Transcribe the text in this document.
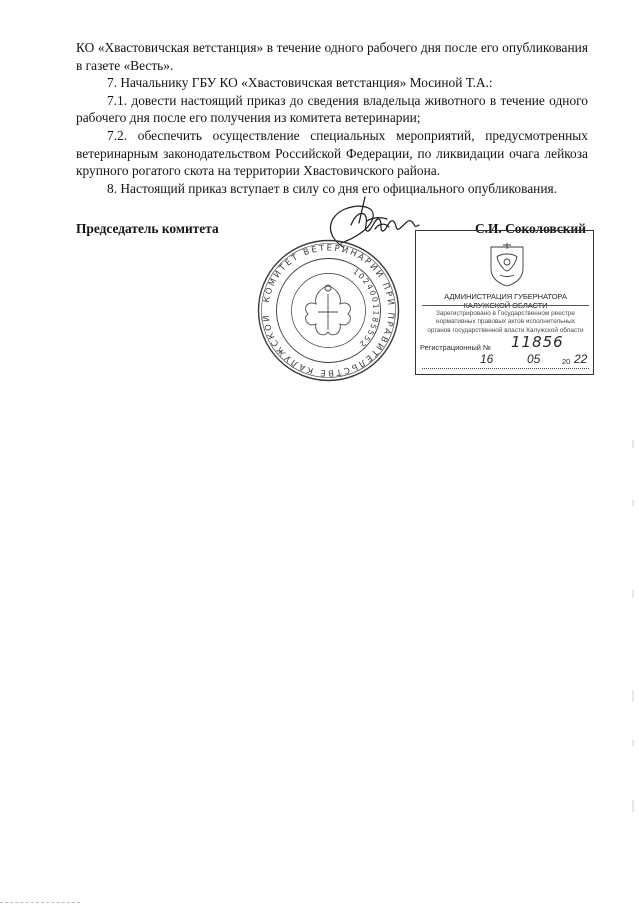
КО «Хвастовичская ветстанция» в течение одного рабочего дня после его опубликования в газете «Весть».

7. Начальнику ГБУ КО «Хвастовичская ветстанция» Мосиной Т.А.:

7.1. довести настоящий приказ до сведения владельца животного в течение одного рабочего дня после его получения из комитета ветеринарии;

7.2. обеспечить осуществление специальных мероприятий, предусмотренных ветеринарным законодательством Российской Федерации, по ликвидации очага лейкоза крупного рогатого скота на территории Хвастовичского района.

8. Настоящий приказ вступает в силу со дня его официального опубликования.

Председатель комитета	С.И. Соколовский
КОМИТЕТ ВЕТЕРИНАРИИ ПРИ ПРАВИТЕЛЬСТВЕ КАЛУЖСКОЙ
1024001185552
АДМИНИСТРАЦИЯ ГУБЕРНАТОРА КАЛУЖСКОЙ ОБЛАСТИ
Зарегистрировано в Государственном реестре нормативных правовых актов исполнительных органов государственной власти Калужской области
Регистрационный № 11856
16	05	20 22
